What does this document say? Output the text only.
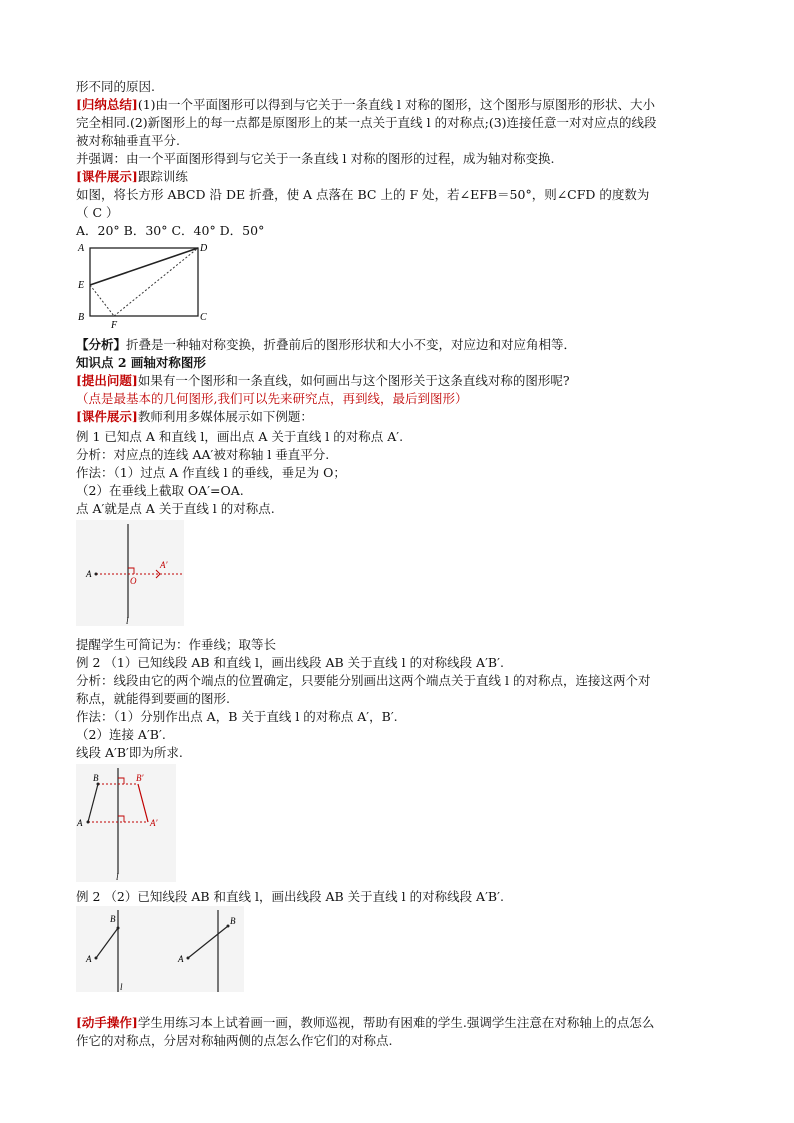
形不同的原因.
[归纳总结](1)由一个平面图形可以得到与它关于一条直线 l 对称的图形，这个图形与原图形的形状、大小
完全相同.(2)新图形上的每一点都是原图形上的某一点关于直线 l 的对称点;(3)连接任意一对对应点的线段
被对称轴垂直平分.
并强调：由一个平面图形得到与它关于一条直线 l 对称的图形的过程，成为轴对称变换.
[课件展示]跟踪训练
如图，将长方形 ABCD 沿 DE 折叠，使 A 点落在 BC 上的 F 处，若∠EFB＝50°，则∠CFD 的度数为
（ C ）
A．20° B．30° C．40° D．50°
A	D
E
B
F
C
【分析】折叠是一种轴对称变换，折叠前后的图形形状和大小不变，对应边和对应角相等．
知识点 2 画轴对称图形
[提出问题]如果有一个图形和一条直线，如何画出与这个图形关于这条直线对称的图形呢?
（点是最基本的几何图形,我们可以先来研究点，再到线，最后到图形）
[课件展示]教师利用多媒体展示如下例题：
例 1 已知点 A 和直线 l，画出点 A 关于直线 l 的对称点 A′.
分析：对应点的连线 AA′被对称轴 l 垂直平分.
作法：（1）过点 A 作直线 l 的垂线，垂足为 O；
（2）在垂线上截取 OA′=OA.
点 A′就是点 A 关于直线 l 的对称点.
A
O
A′
l
提醒学生可简记为：作垂线；取等长
例 2 （1）已知线段 AB 和直线 l，画出线段 AB 关于直线 l 的对称线段 A′B′.
分析：线段由它的两个端点的位置确定，只要能分别画出这两个端点关于直线 l 的对称点，连接这两个对
称点，就能得到要画的图形.
作法：（1）分别作出点 A，B 关于直线 l 的对称点 A′，B′.
（2）连接 A′B′.
线段 A′B′即为所求.
B
A
B′
A′
l
例 2 （2）已知线段 AB 和直线 l，画出线段 AB 关于直线 l 的对称线段 A′B′.
B
A
l
B
A
[动手操作]学生用练习本上试着画一画，教师巡视，帮助有困难的学生.强调学生注意在对称轴上的点怎么
作它的对称点，分居对称轴两侧的点怎么作它们的对称点.
